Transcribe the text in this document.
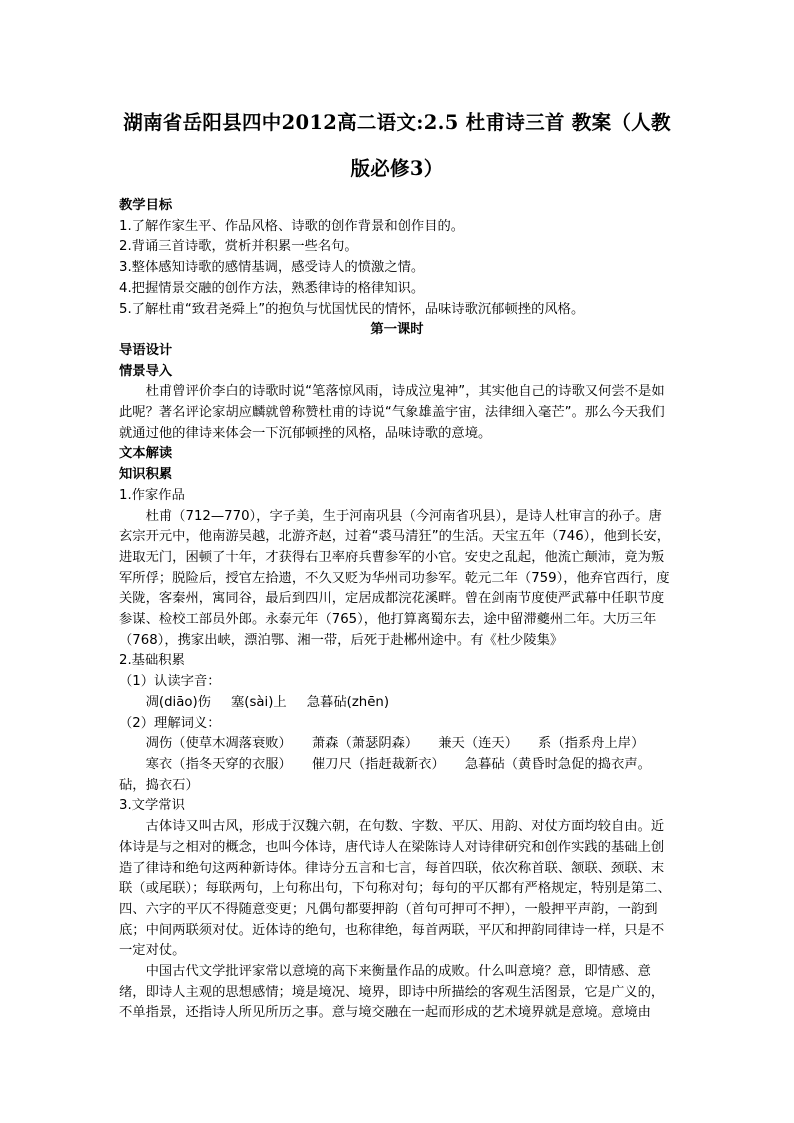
湖南省岳阳县四中2012高二语文:2.5 杜甫诗三首 教案（人教版必修3）

教学目标

1.了解作家生平、作品风格、诗歌的创作背景和创作目的。

2.背诵三首诗歌，赏析并积累一些名句。

3.整体感知诗歌的感情基调，感受诗人的愤激之情。

4.把握情景交融的创作方法，熟悉律诗的格律知识。

5.了解杜甫“致君尧舜上”的抱负与忧国忧民的情怀，品味诗歌沉郁顿挫的风格。

第一课时

导语设计

情景导入

杜甫曾评价李白的诗歌时说“笔落惊风雨，诗成泣鬼神”，其实他自己的诗歌又何尝不是如此呢？著名评论家胡应麟就曾称赞杜甫的诗说“气象雄盖宇宙，法律细入毫芒”。那么今天我们就通过他的律诗来体会一下沉郁顿挫的风格，品味诗歌的意境。

文本解读

知识积累

1.作家作品

杜甫（712—770），字子美，生于河南巩县（今河南省巩县），是诗人杜审言的孙子。唐玄宗开元中，他南游吴越，北游齐赵，过着“裘马清狂”的生活。天宝五年（746），他到长安，进取无门，困顿了十年，才获得右卫率府兵曹参军的小官。安史之乱起，他流亡颠沛，竟为叛军所俘；脱险后，授官左拾遗，不久又贬为华州司功参军。乾元二年（759），他弃官西行，度关陇，客秦州，寓同谷，最后到四川，定居成都浣花溪畔。曾在剑南节度使严武幕中任职节度参谋、检校工部员外郎。永泰元年（765），他打算离蜀东去，途中留滞夔州二年。大历三年（768），携家出峡，漂泊鄂、湘一带，后死于赴郴州途中。有《杜少陵集》

2.基础积累

（1）认读字音：

凋(diāo)伤 塞(sài)上 急暮砧(zhēn)

（2）理解词义：

凋伤（使草木凋落衰败） 萧森（萧瑟阴森） 兼天（连天） 系（指系舟上岸）

寒衣（指冬天穿的衣服） 催刀尺（指赶裁新衣） 急暮砧（黄昏时急促的捣衣声。砧，捣衣石）

3.文学常识

古体诗又叫古风，形成于汉魏六朝，在句数、字数、平仄、用韵、对仗方面均较自由。近体诗是与之相对的概念，也叫今体诗，唐代诗人在梁陈诗人对诗律研究和创作实践的基础上创造了律诗和绝句这两种新诗体。律诗分五言和七言，每首四联，依次称首联、颔联、颈联、末联（或尾联）；每联两句，上句称出句，下句称对句；每句的平仄都有严格规定，特别是第二、四、六字的平仄不得随意变更；凡偶句都要押韵（首句可押可不押），一般押平声韵，一韵到底；中间两联须对仗。近体诗的绝句，也称律绝，每首两联，平仄和押韵同律诗一样，只是不一定对仗。

中国古代文学批评家常以意境的高下来衡量作品的成败。什么叫意境？意，即情感、意绪，即诗人主观的思想感情；境是境况、境界，即诗中所描绘的客观生活图景，它是广义的，不单指景，还指诗人所见所历之事。意与境交融在一起而形成的艺术境界就是意境。意境由
